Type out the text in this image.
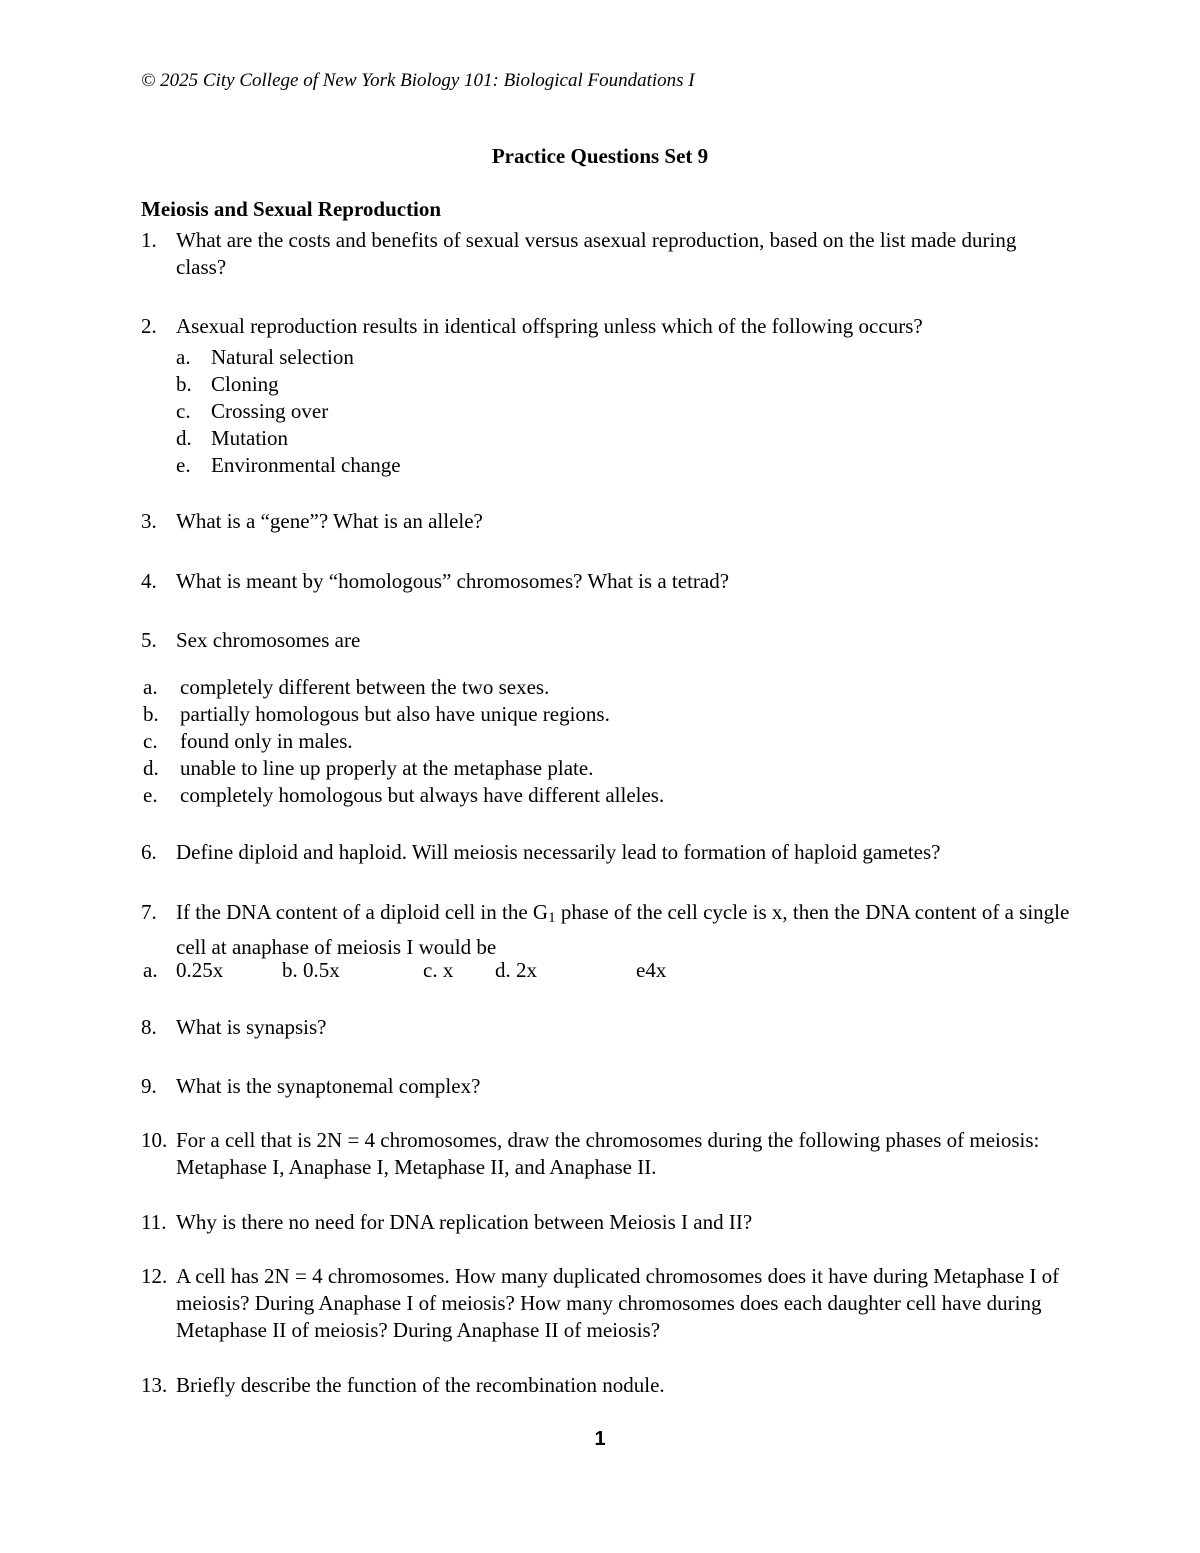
© 2025 City College of New York Biology 101: Biological Foundations I
Practice Questions Set 9
Meiosis and Sexual Reproduction
1. What are the costs and benefits of sexual versus asexual reproduction, based on the list made during class?
2. Asexual reproduction results in identical offspring unless which of the following occurs?
a. Natural selection
b. Cloning
c. Crossing over
d. Mutation
e. Environmental change
3. What is a “gene”? What is an allele?
4. What is meant by “homologous” chromosomes? What is a tetrad?
5. Sex chromosomes are
a. completely different between the two sexes.
b. partially homologous but also have unique regions.
c. found only in males.
d. unable to line up properly at the metaphase plate.
e. completely homologous but always have different alleles.
6. Define diploid and haploid. Will meiosis necessarily lead to formation of haploid gametes?
7. If the DNA content of a diploid cell in the $G_1$ phase of the cell cycle is x, then the DNA content of a single cell at anaphase of meiosis I would be
a. 0.25x	b. 0.5x	c. x d. 2x	e4x
8. What is synapsis?
9. What is the synaptonemal complex?
10. For a cell that is 2N = 4 chromosomes, draw the chromosomes during the following phases of meiosis: Metaphase I, Anaphase I, Metaphase II, and Anaphase II.
11. Why is there no need for DNA replication between Meiosis I and II?
12. A cell has 2N = 4 chromosomes. How many duplicated chromosomes does it have during Metaphase I of meiosis? During Anaphase I of meiosis? How many chromosomes does each daughter cell have during Metaphase II of meiosis? During Anaphase II of meiosis?
13. Briefly describe the function of the recombination nodule.
1
